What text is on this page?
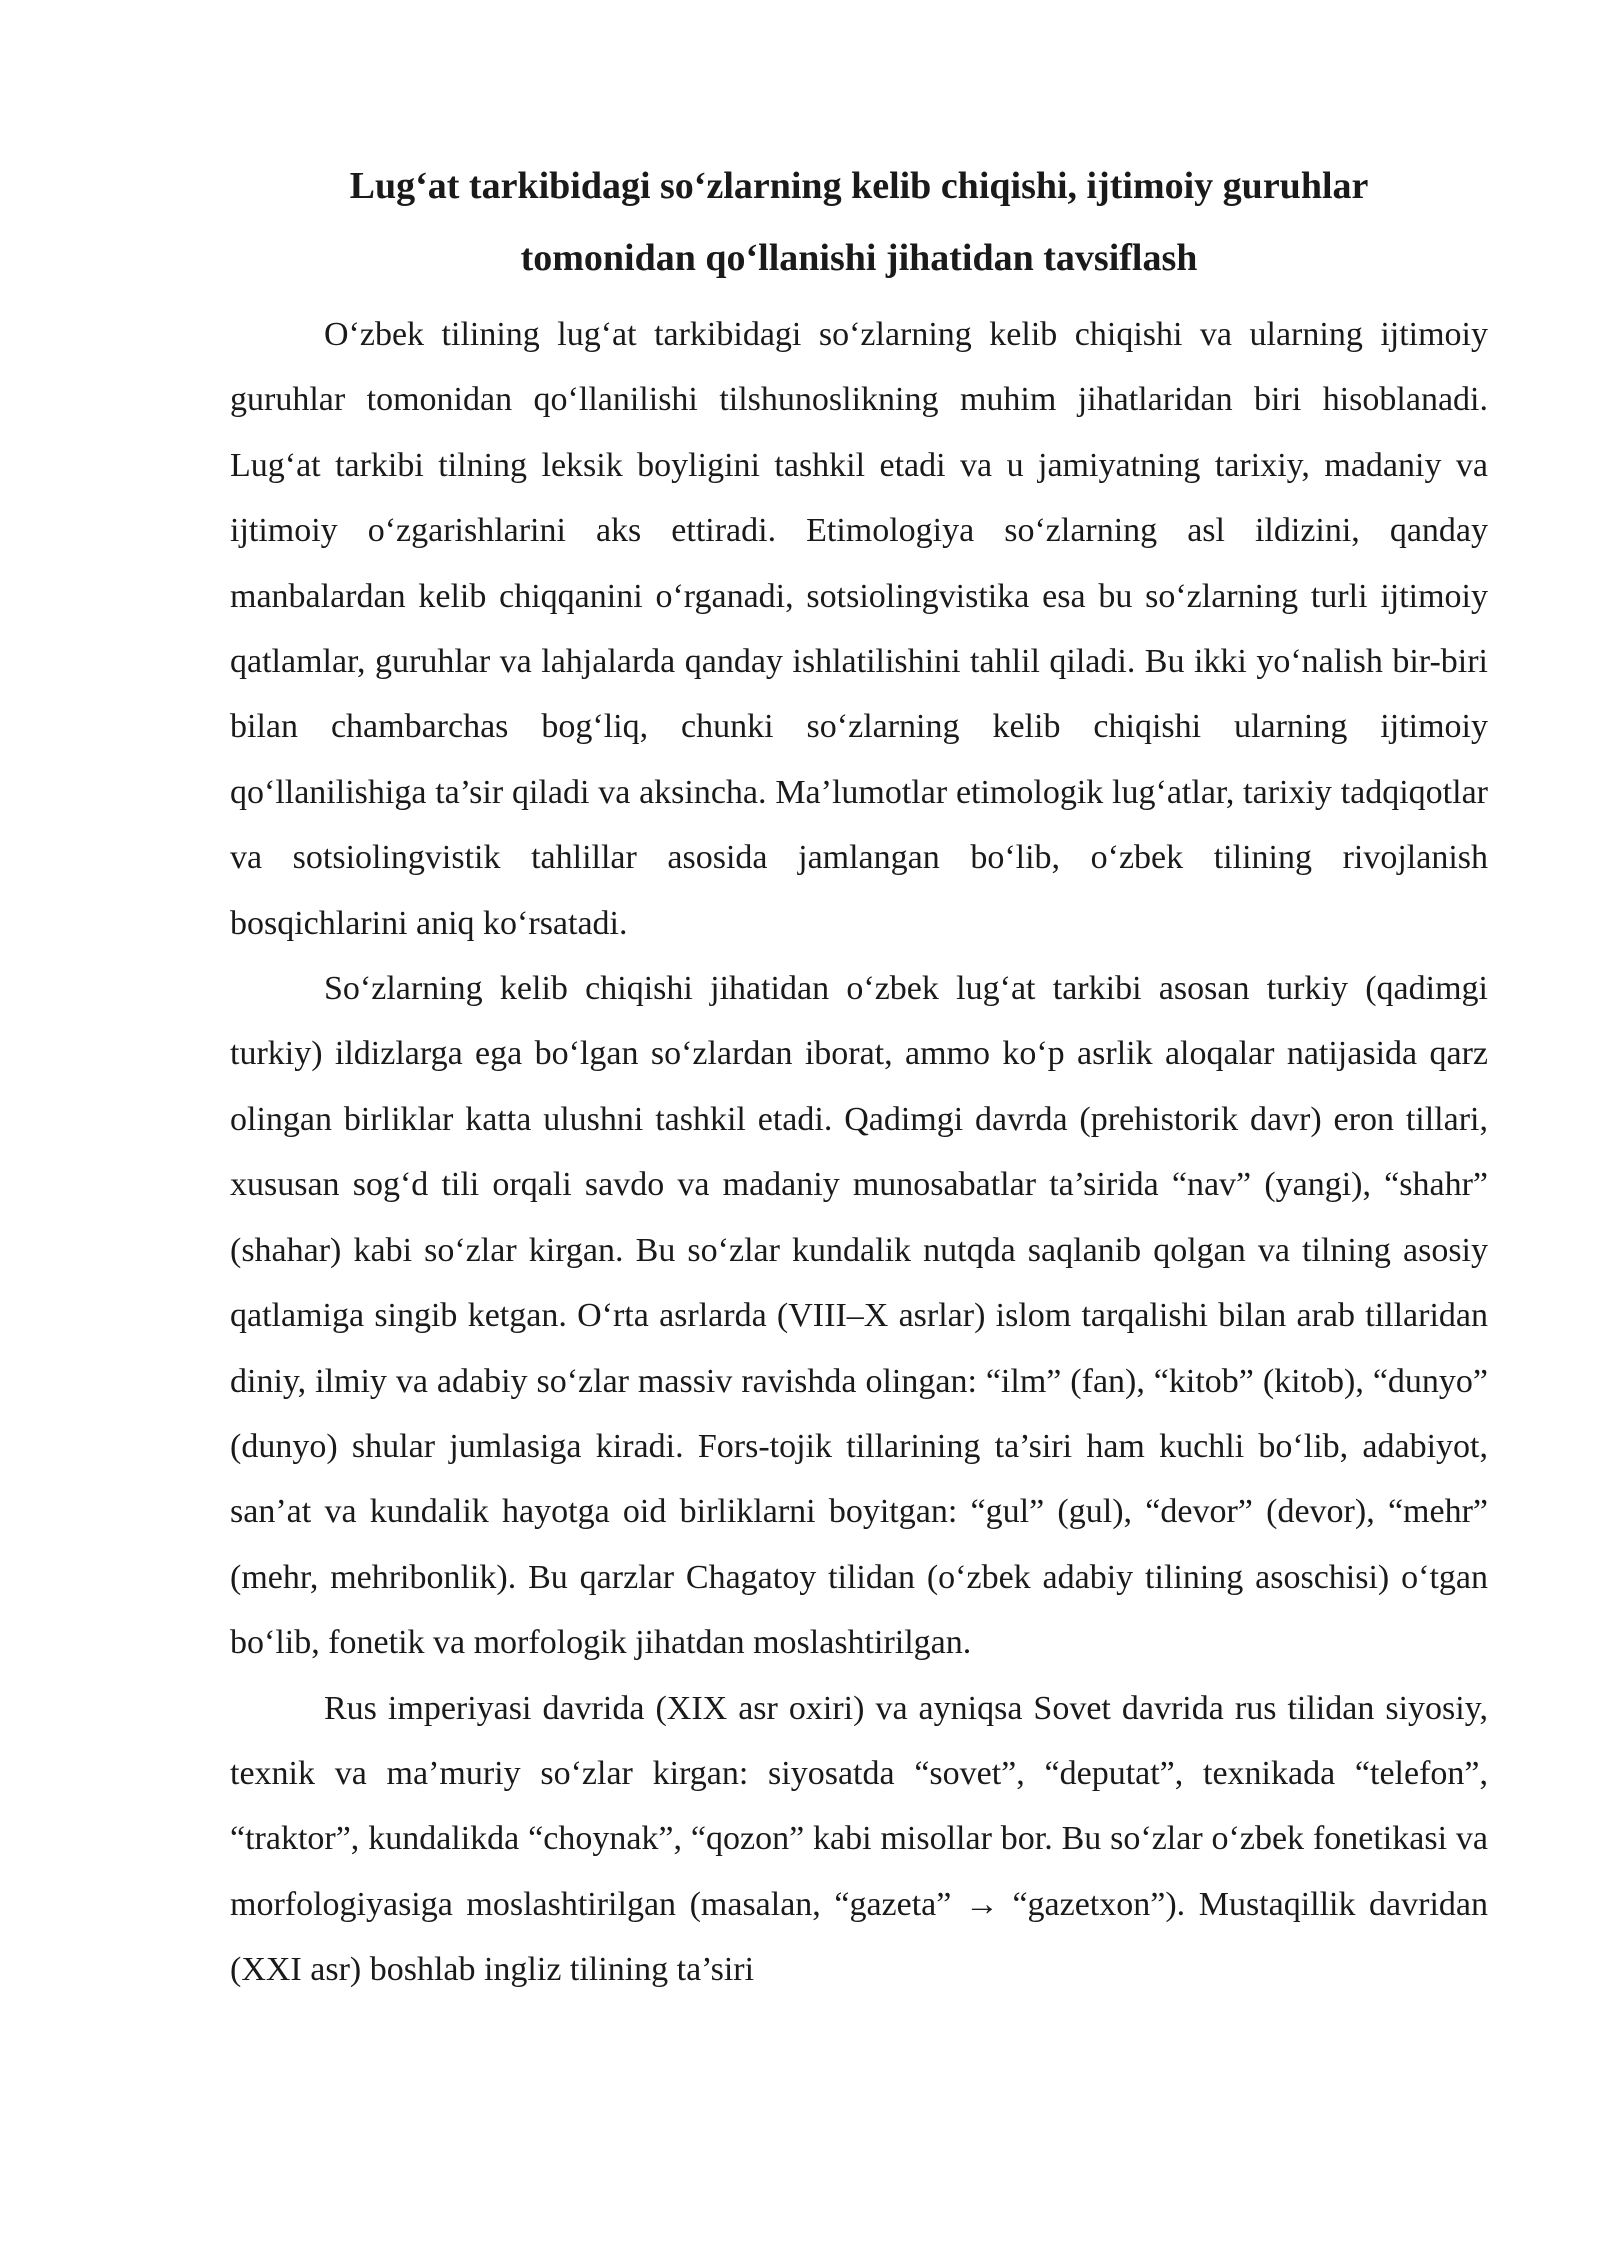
Lug‘at tarkibidagi so‘zlarning kelib chiqishi, ijtimoiy guruhlar
tomonidan qo‘llanishi jihatidan tavsiflash

O‘zbek tilining lug‘at tarkibidagi so‘zlarning kelib chiqishi va ularning ijtimoiy guruhlar tomonidan qo‘llanilishi tilshunoslikning muhim jihatlaridan biri hisoblanadi. Lug‘at tarkibi tilning leksik boyligini tashkil etadi va u jamiyatning tarixiy, madaniy va ijtimoiy o‘zgarishlarini aks ettiradi. Etimologiya so‘zlarning asl ildizini, qanday manbalardan kelib chiqqanini o‘rganadi, sotsiolingvistika esa bu so‘zlarning turli ijtimoiy qatlamlar, guruhlar va lahjalarda qanday ishlatilishini tahlil qiladi. Bu ikki yo‘nalish bir-biri bilan chambarchas bog‘liq, chunki so‘zlarning kelib chiqishi ularning ijtimoiy qo‘llanilishiga ta’sir qiladi va aksincha. Ma’lumotlar etimologik lug‘atlar, tarixiy tadqiqotlar va sotsiolingvistik tahlillar asosida jamlangan bo‘lib, o‘zbek tilining rivojlanish bosqichlarini aniq ko‘rsatadi.

So‘zlarning kelib chiqishi jihatidan o‘zbek lug‘at tarkibi asosan turkiy (qadimgi turkiy) ildizlarga ega bo‘lgan so‘zlardan iborat, ammo ko‘p asrlik aloqalar natijasida qarz olingan birliklar katta ulushni tashkil etadi. Qadimgi davrda (prehistorik davr) eron tillari, xususan sog‘d tili orqali savdo va madaniy munosabatlar ta’sirida “nav” (yangi), “shahr” (shahar) kabi so‘zlar kirgan. Bu so‘zlar kundalik nutqda saqlanib qolgan va tilning asosiy qatlamiga singib ketgan. O‘rta asrlarda (VIII–X asrlar) islom tarqalishi bilan arab tillaridan diniy, ilmiy va adabiy so‘zlar massiv ravishda olingan: “ilm” (fan), “kitob” (kitob), “dunyo” (dunyo) shular jumlasiga kiradi. Fors-tojik tillarining ta’siri ham kuchli bo‘lib, adabiyot, san’at va kundalik hayotga oid birliklarni boyitgan: “gul” (gul), “devor” (devor), “mehr” (mehr, mehribonlik). Bu qarzlar Chagatoy tilidan (o‘zbek adabiy tilining asoschisi) o‘tgan bo‘lib, fonetik va morfologik jihatdan moslashtirilgan.

Rus imperiyasi davrida (XIX asr oxiri) va ayniqsa Sovet davrida rus tilidan siyosiy, texnik va ma’muriy so‘zlar kirgan: siyosatda “sovet”, “deputat”, texnikada “telefon”, “traktor”, kundalikda “choynak”, “qozon” kabi misollar bor. Bu so‘zlar o‘zbek fonetikasi va morfologiyasiga moslashtirilgan (masalan, “gazeta” → “gazetxon”). Mustaqillik davridan (XXI asr) boshlab ingliz tilining ta’siri
